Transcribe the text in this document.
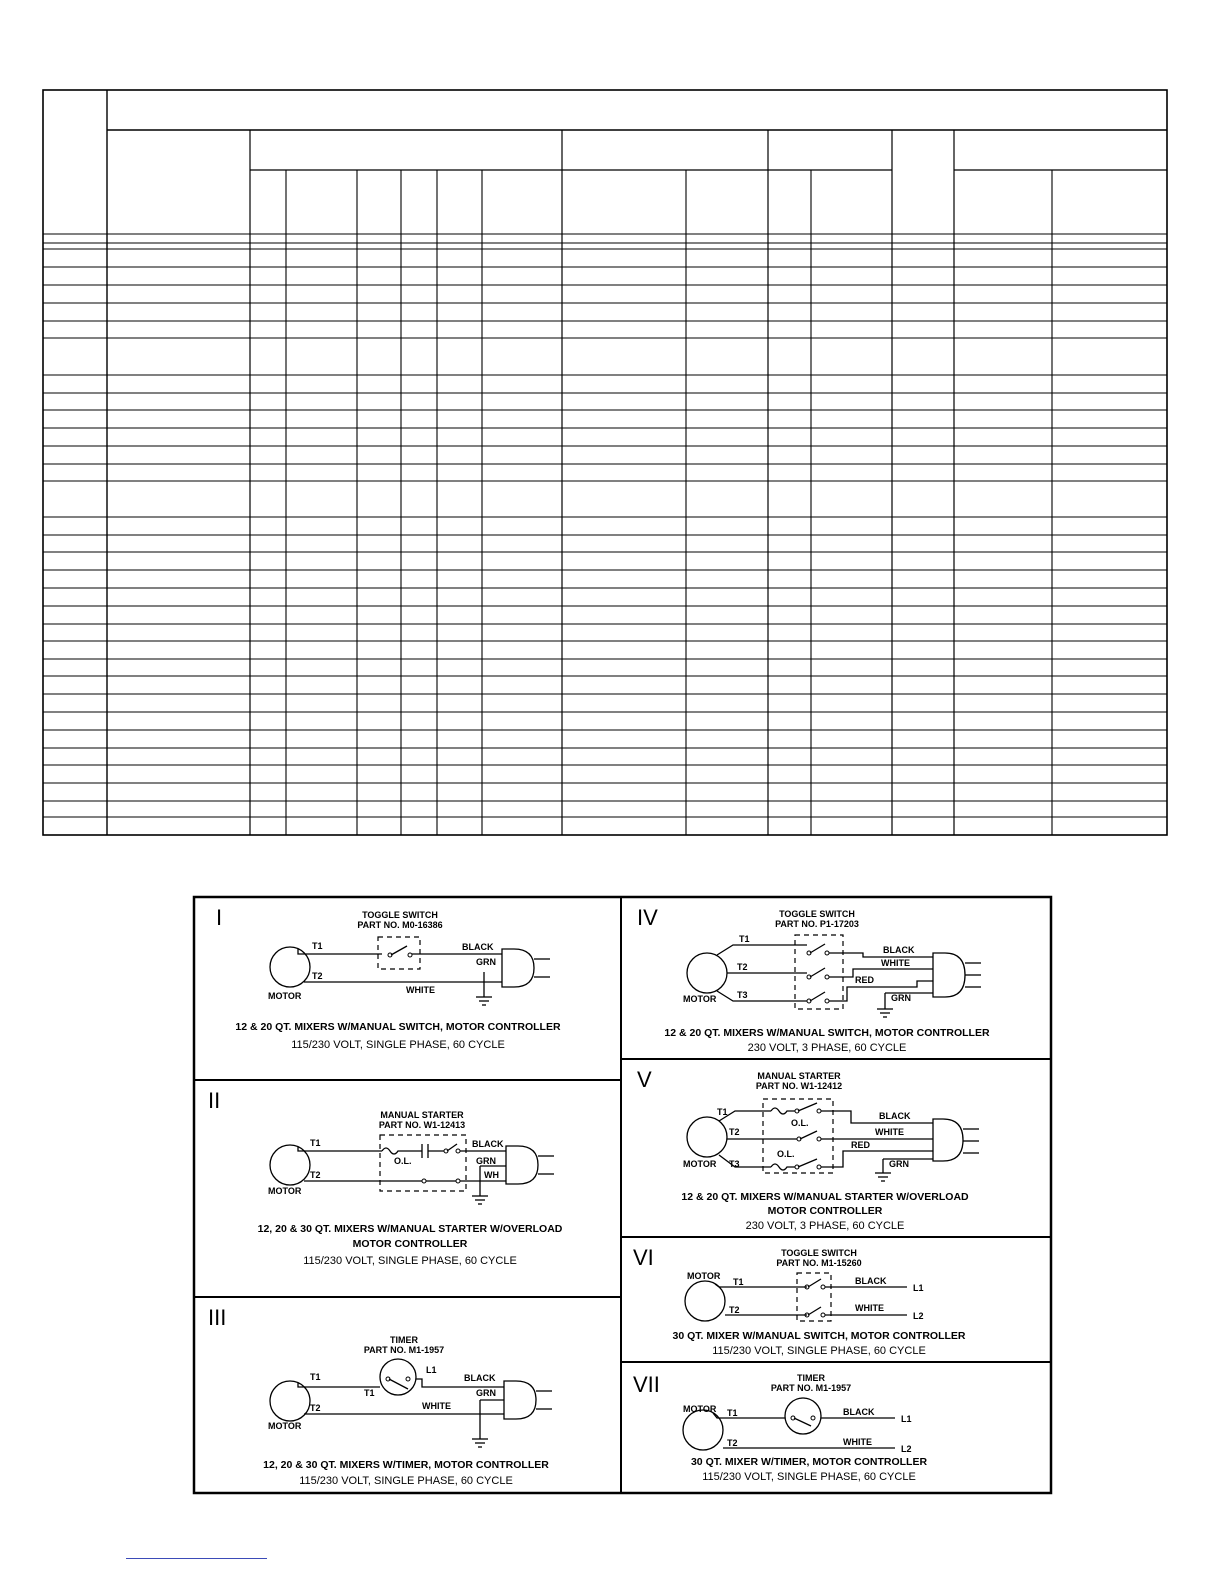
I	TOGGLE SWITCH
PART NO. M0-16386
MOTOR
T1
T2
BLACK
GRN
WHITE
12 & 20 QT. MIXERS W/MANUAL SWITCH, MOTOR CONTROLLER
115/230 VOLT, SINGLE PHASE, 60 CYCLE
II
MANUAL STARTER
PART NO. W1-12413
MOTOR
T1
T2
O.L.
BLACK
GRN
WH
12, 20 & 30 QT. MIXERS W/MANUAL STARTER W/OVERLOAD
MOTOR CONTROLLER
115/230 VOLT, SINGLE PHASE, 60 CYCLE
III
TIMER
PART NO. M1-1957
MOTOR
T1
T2
T1
L1
BLACK
GRN
WHITE
12, 20 & 30 QT. MIXERS W/TIMER, MOTOR CONTROLLER
115/230 VOLT, SINGLE PHASE, 60 CYCLE
IV	TOGGLE SWITCH
PART NO. P1-17203
MOTOR
T1
T2
T3
BLACK
WHITE
RED
GRN
12 & 20 QT. MIXERS W/MANUAL SWITCH, MOTOR CONTROLLER
230 VOLT, 3 PHASE, 60 CYCLE
V	MANUAL STARTER
PART NO. W1-12412
MOTOR
T1
T2
T3
O.L.
O.L.
BLACK
WHITE
RED
GRN
12 & 20 QT. MIXERS W/MANUAL STARTER W/OVERLOAD
MOTOR CONTROLLER
230 VOLT, 3 PHASE, 60 CYCLE
VI	TOGGLE SWITCH
PART NO. M1-15260
MOTOR
T1
T2
BLACK
WHITE
L1
L2
30 QT. MIXER W/MANUAL SWITCH, MOTOR CONTROLLER
115/230 VOLT, SINGLE PHASE, 60 CYCLE
VII	TIMER
PART NO. M1-1957
MOTOR T1
T2
BLACK
WHITE
L1
L2
30 QT. MIXER W/TIMER, MOTOR CONTROLLER
115/230 VOLT, SINGLE PHASE, 60 CYCLE
